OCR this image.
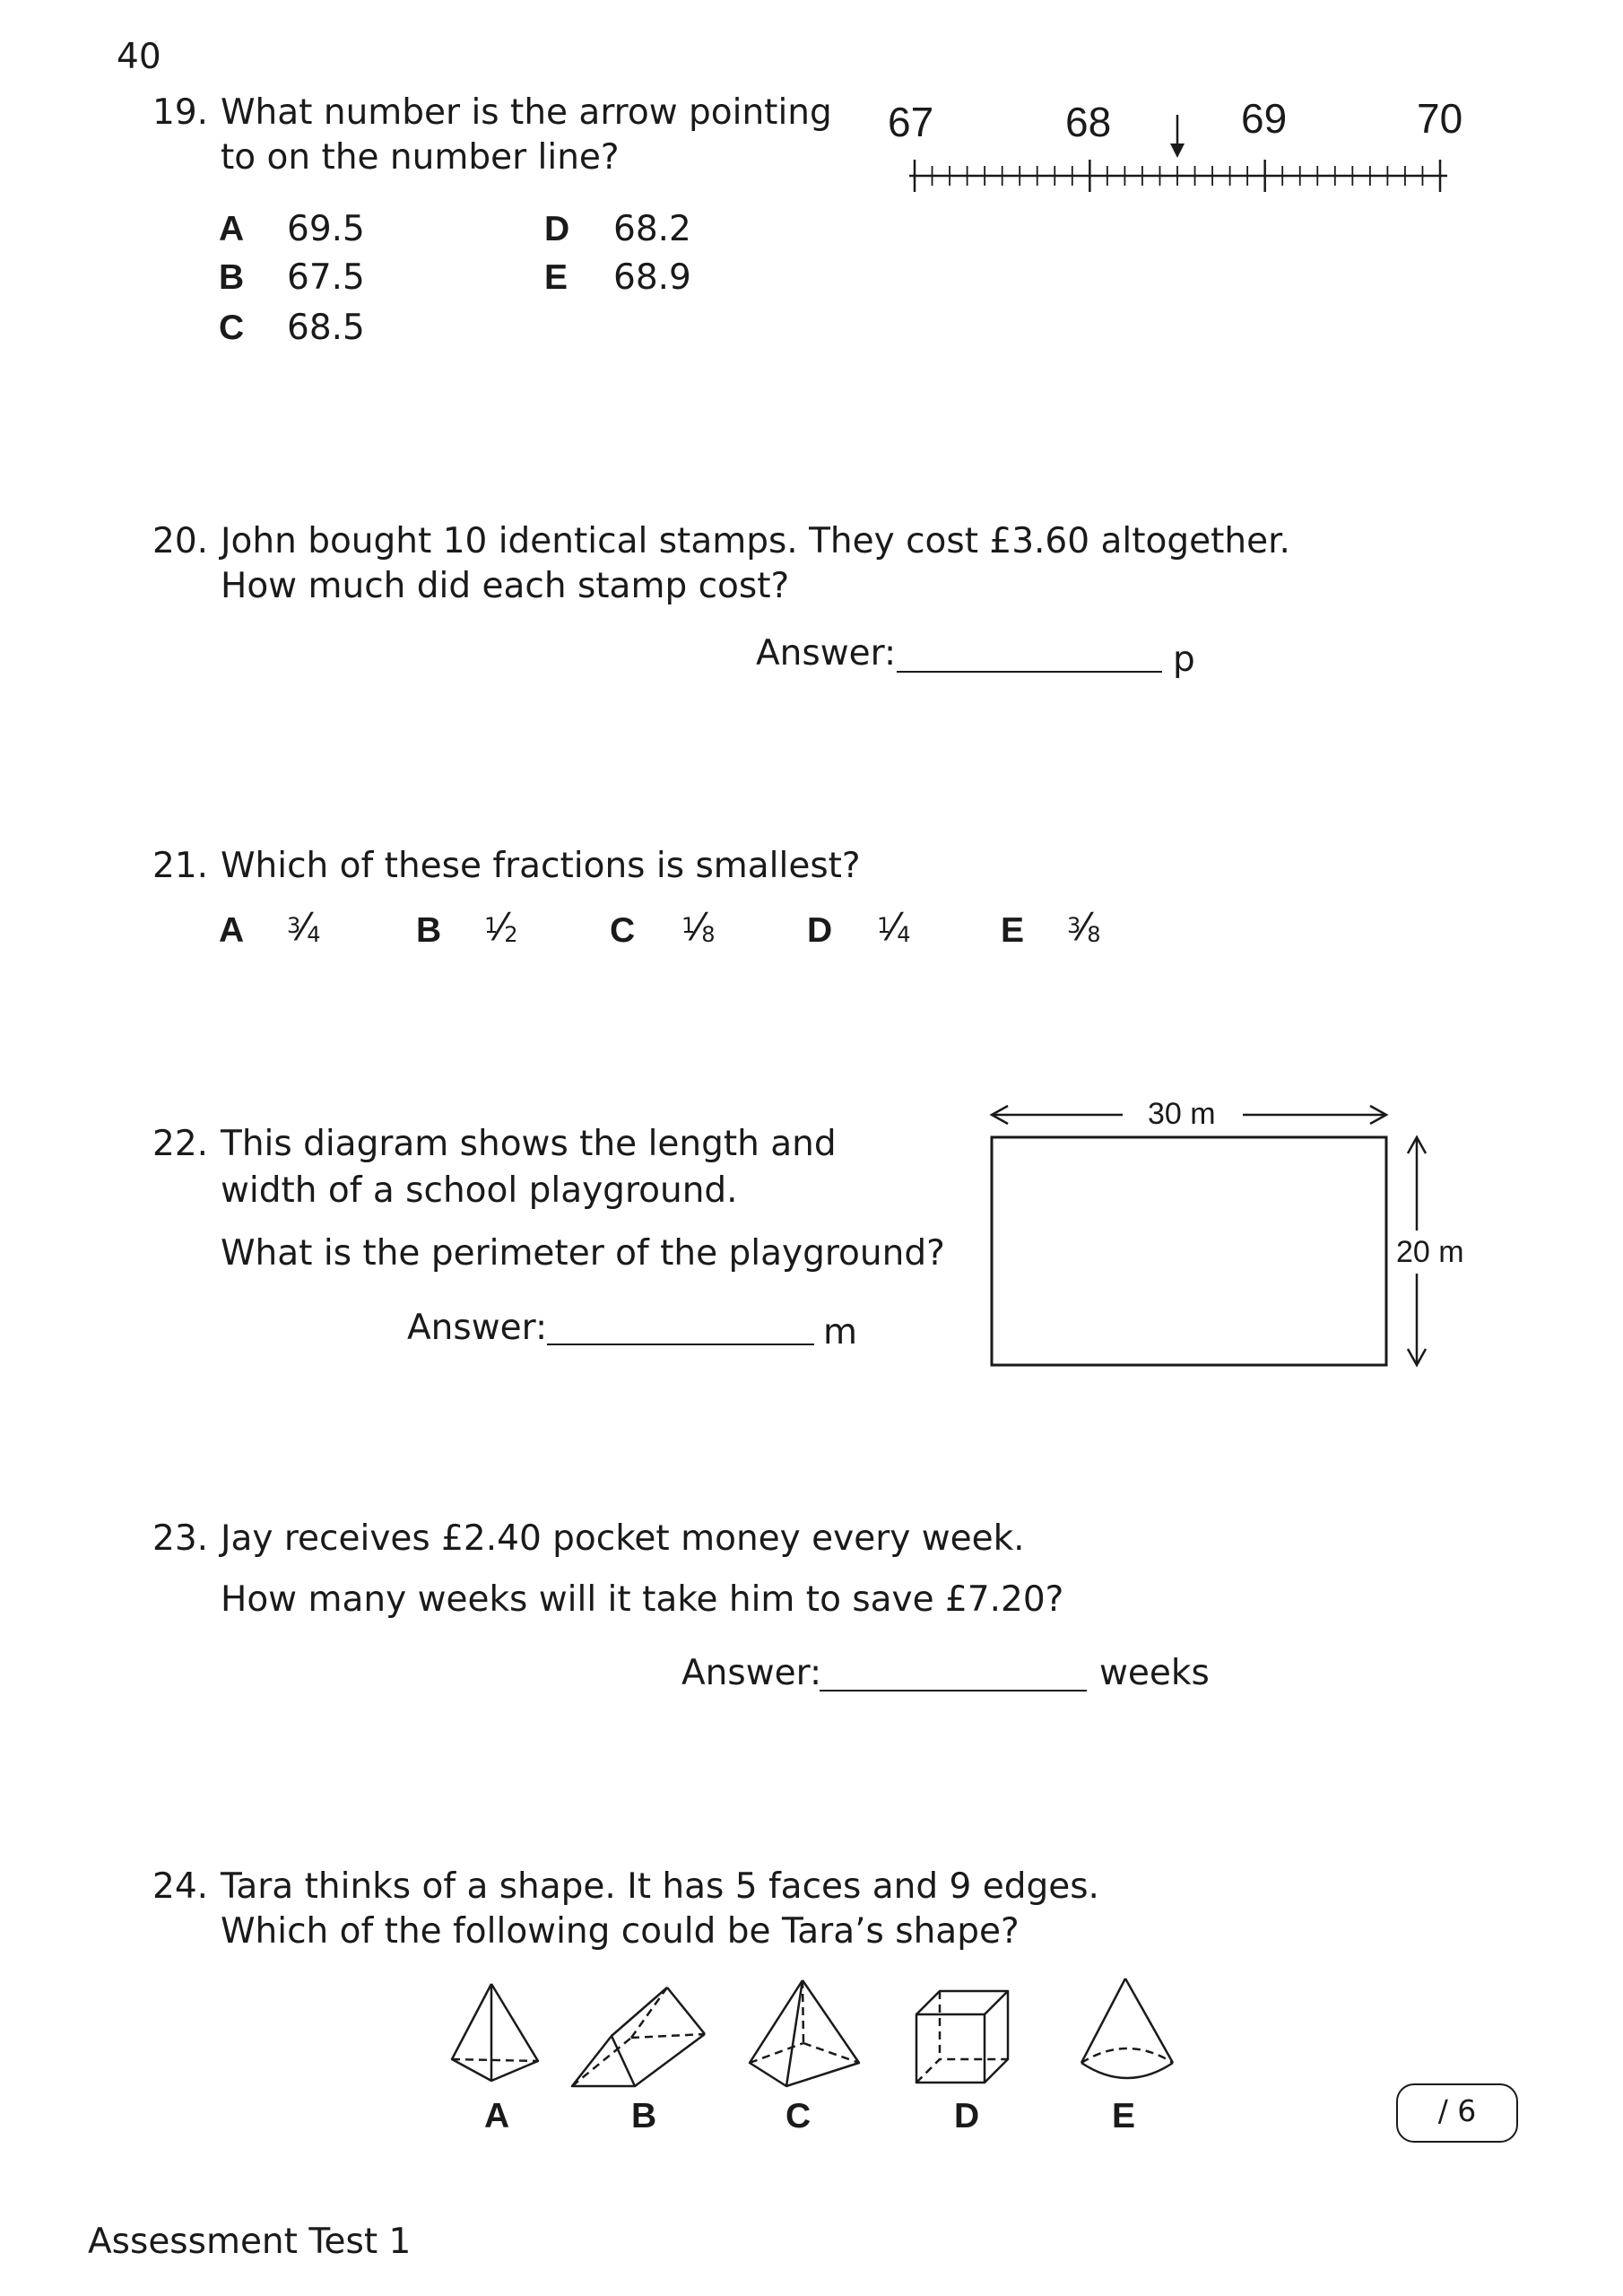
40
19. What number is the arrow pointing
to on the number line?
A 69.5
B 67.5
C 68.5
D 68.2
E 68.9
67	68	69	70
20. John bought 10 identical stamps. They cost £3.60 altogether.
How much did each stamp cost?
Answer:	p
21. Which of these fractions is smallest?
A $^3⁄_4$	B $^1⁄_2$	C $^1⁄_8$	D $^1⁄_4$	E $^3⁄_8$
22. This diagram shows the length and
width of a school playground.
What is the perimeter of the playground?
Answer:	m
30 m
20 m
23. Jay receives £2.40 pocket money every week.
How many weeks will it take him to save £7.20?
Answer:	weeks
24. Tara thinks of a shape. It has 5 faces and 9 edges.
Which of the following could be Tara’s shape?
A	B	C	D	E	/ 6
Assessment Test 1
